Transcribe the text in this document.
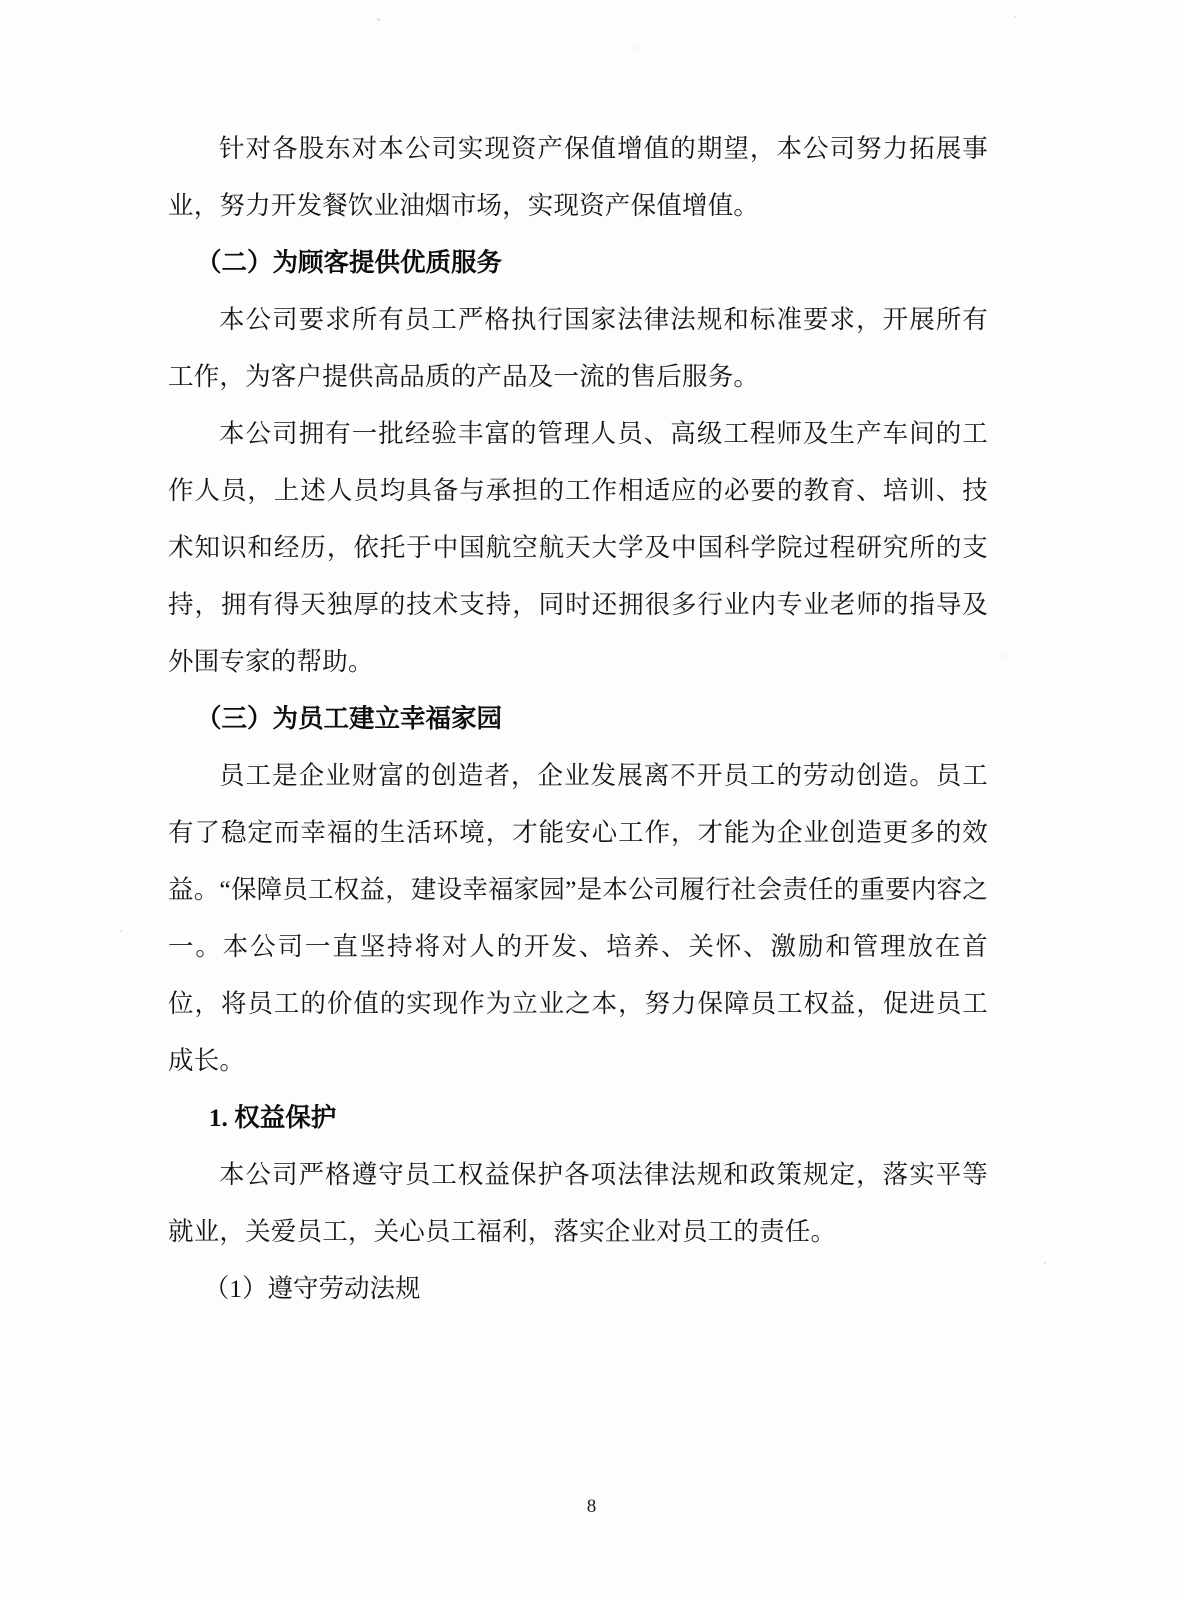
针对各股东对本公司实现资产保值增值的期望，本公司努力拓展事业，努力开发餐饮业油烟市场，实现资产保值增值。

（二）为顾客提供优质服务

本公司要求所有员工严格执行国家法律法规和标准要求，开展所有工作，为客户提供高品质的产品及一流的售后服务。

本公司拥有一批经验丰富的管理人员、高级工程师及生产车间的工作人员，上述人员均具备与承担的工作相适应的必要的教育、培训、技术知识和经历，依托于中国航空航天大学及中国科学院过程研究所的支持，拥有得天独厚的技术支持，同时还拥很多行业内专业老师的指导及外围专家的帮助。

（三）为员工建立幸福家园

员工是企业财富的创造者，企业发展离不开员工的劳动创造。员工有了稳定而幸福的生活环境，才能安心工作，才能为企业创造更多的效益。“保障员工权益，建设幸福家园”是本公司履行社会责任的重要内容之一。本公司一直坚持将对人的开发、培养、关怀、激励和管理放在首位，将员工的价值的实现作为立业之本，努力保障员工权益，促进员工成长。

1. 权益保护

本公司严格遵守员工权益保护各项法律法规和政策规定，落实平等就业，关爱员工，关心员工福利，落实企业对员工的责任。

（1）遵守劳动法规

8
